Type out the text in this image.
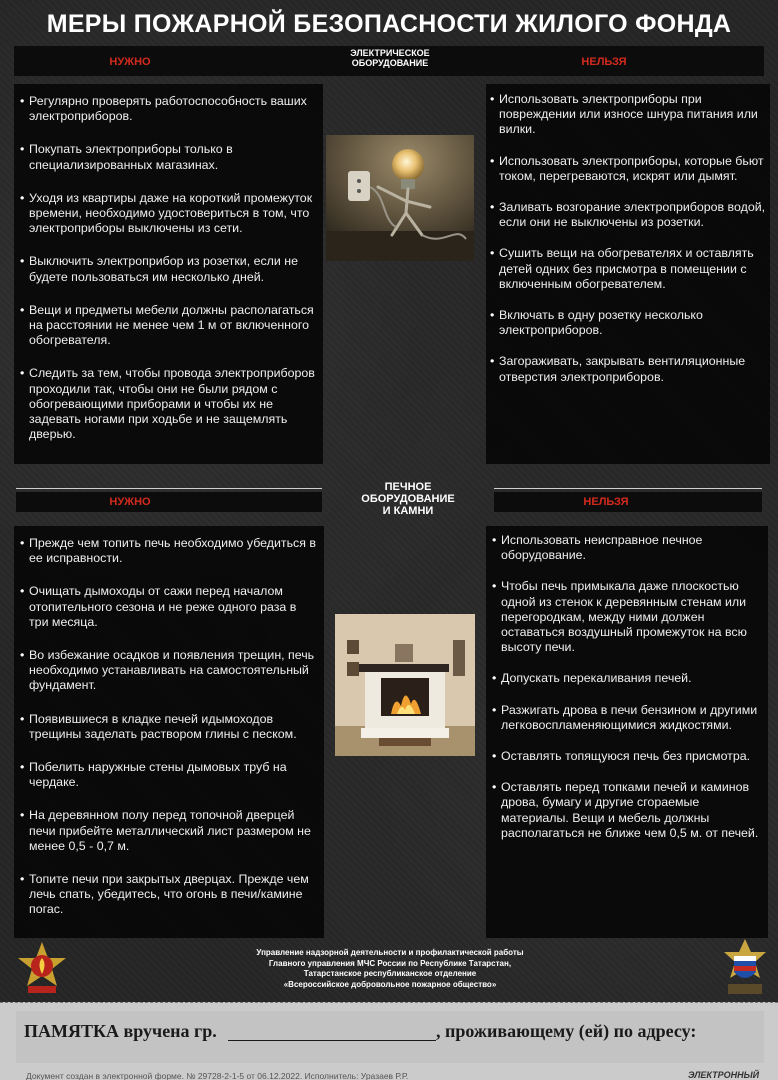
МЕРЫ ПОЖАРНОЙ БЕЗОПАСНОСТИ ЖИЛОГО ФОНДА
НУЖНО
ЭЛЕКТРИЧЕСКОЕ
ОБОРУДОВАНИЕ	НЕЛЬЗЯ
• Регулярно проверять работоспособность ваших электроприборов.
• Покупать электроприборы только в специализированных магазинах.
• Уходя из квартиры даже на короткий промежуток времени, необходимо удостовериться в том, что электроприборы выключены из сети.
• Выключить электроприбор из розетки, если не будете пользоваться им несколько дней.
• Вещи и предметы мебели должны располагаться на расстоянии не менее чем 1 м от включенного обогревателя.
• Следить за тем, чтобы провода электроприборов проходили так, чтобы они не были рядом с обогревающими приборами и чтобы их не задевать ногами при ходьбе и не защемлять дверью.
• Использовать электроприборы при повреждении или износе шнура питания или вилки.
• Использовать электроприборы, которые бьют током, перегреваются, искрят или дымят.
• Заливать возгорание электроприборов водой, если они не выключены из розетки.
• Сушить вещи на обогревателях и оставлять детей одних без присмотра в помещении с включенным обогревателем.
• Включать в одну розетку несколько электроприборов.
• Загораживать, закрывать вентиляционные отверстия электроприборов.
ПЕЧНОЕ
ОБОРУДОВАНИЕ
И КАМНИ
НУЖНО	НЕЛЬЗЯ
• Прежде чем топить печь необходимо убедиться в ее исправности.
• Очищать дымоходы от сажи перед началом отопительного сезона и не реже одного раза в три месяца.
• Во избежание осадков и появления трещин, печь необходимо устанавливать на самостоятельный фундамент.
• Появившиеся в кладке печей идымоходов трещины заделать раствором глины с песком.
• Побелить наружные стены дымовых труб на чердаке.
• На деревянном полу перед топочной дверцей печи прибейте металлический лист размером не менее 0,5 - 0,7 м.
• Топите печи при закрытых дверцах. Прежде чем лечь спать, убедитесь, что огонь в печи/камине погас.
• Использовать неисправное печное оборудование.
• Чтобы печь примыкала даже плоскостью одной из стенок к деревянным стенам или перегородкам, между ними должен оставаться воздушный промежуток на всю высоту печи.
• Допускать перекаливания печей.
• Разжигать дрова в печи бензином и другими легковоспламеняющимися жидкостями.
• Оставлять топящуюся печь без присмотра.
• Оставлять перед топками печей и каминов дрова, бумагу и другие сгораемые материалы. Вещи и мебель должны располагаться не ближе чем 0,5 м. от печей.
Управление надзорной деятельности и профилактической работы
Главного управления МЧС России по Республике Татарстан,
Татарстанское республиканское отделение
«Всероссийское добровольное пожарное общество»
ПАМЯТКА вручена гр.	, проживающему (ей) по адресу:
Документ создан в электронной форме. № 29728-2-1-5 от 06.12.2022. Исполнитель: Уразаев Р.Р.	ЭЛЕКТРОННЫЙ
